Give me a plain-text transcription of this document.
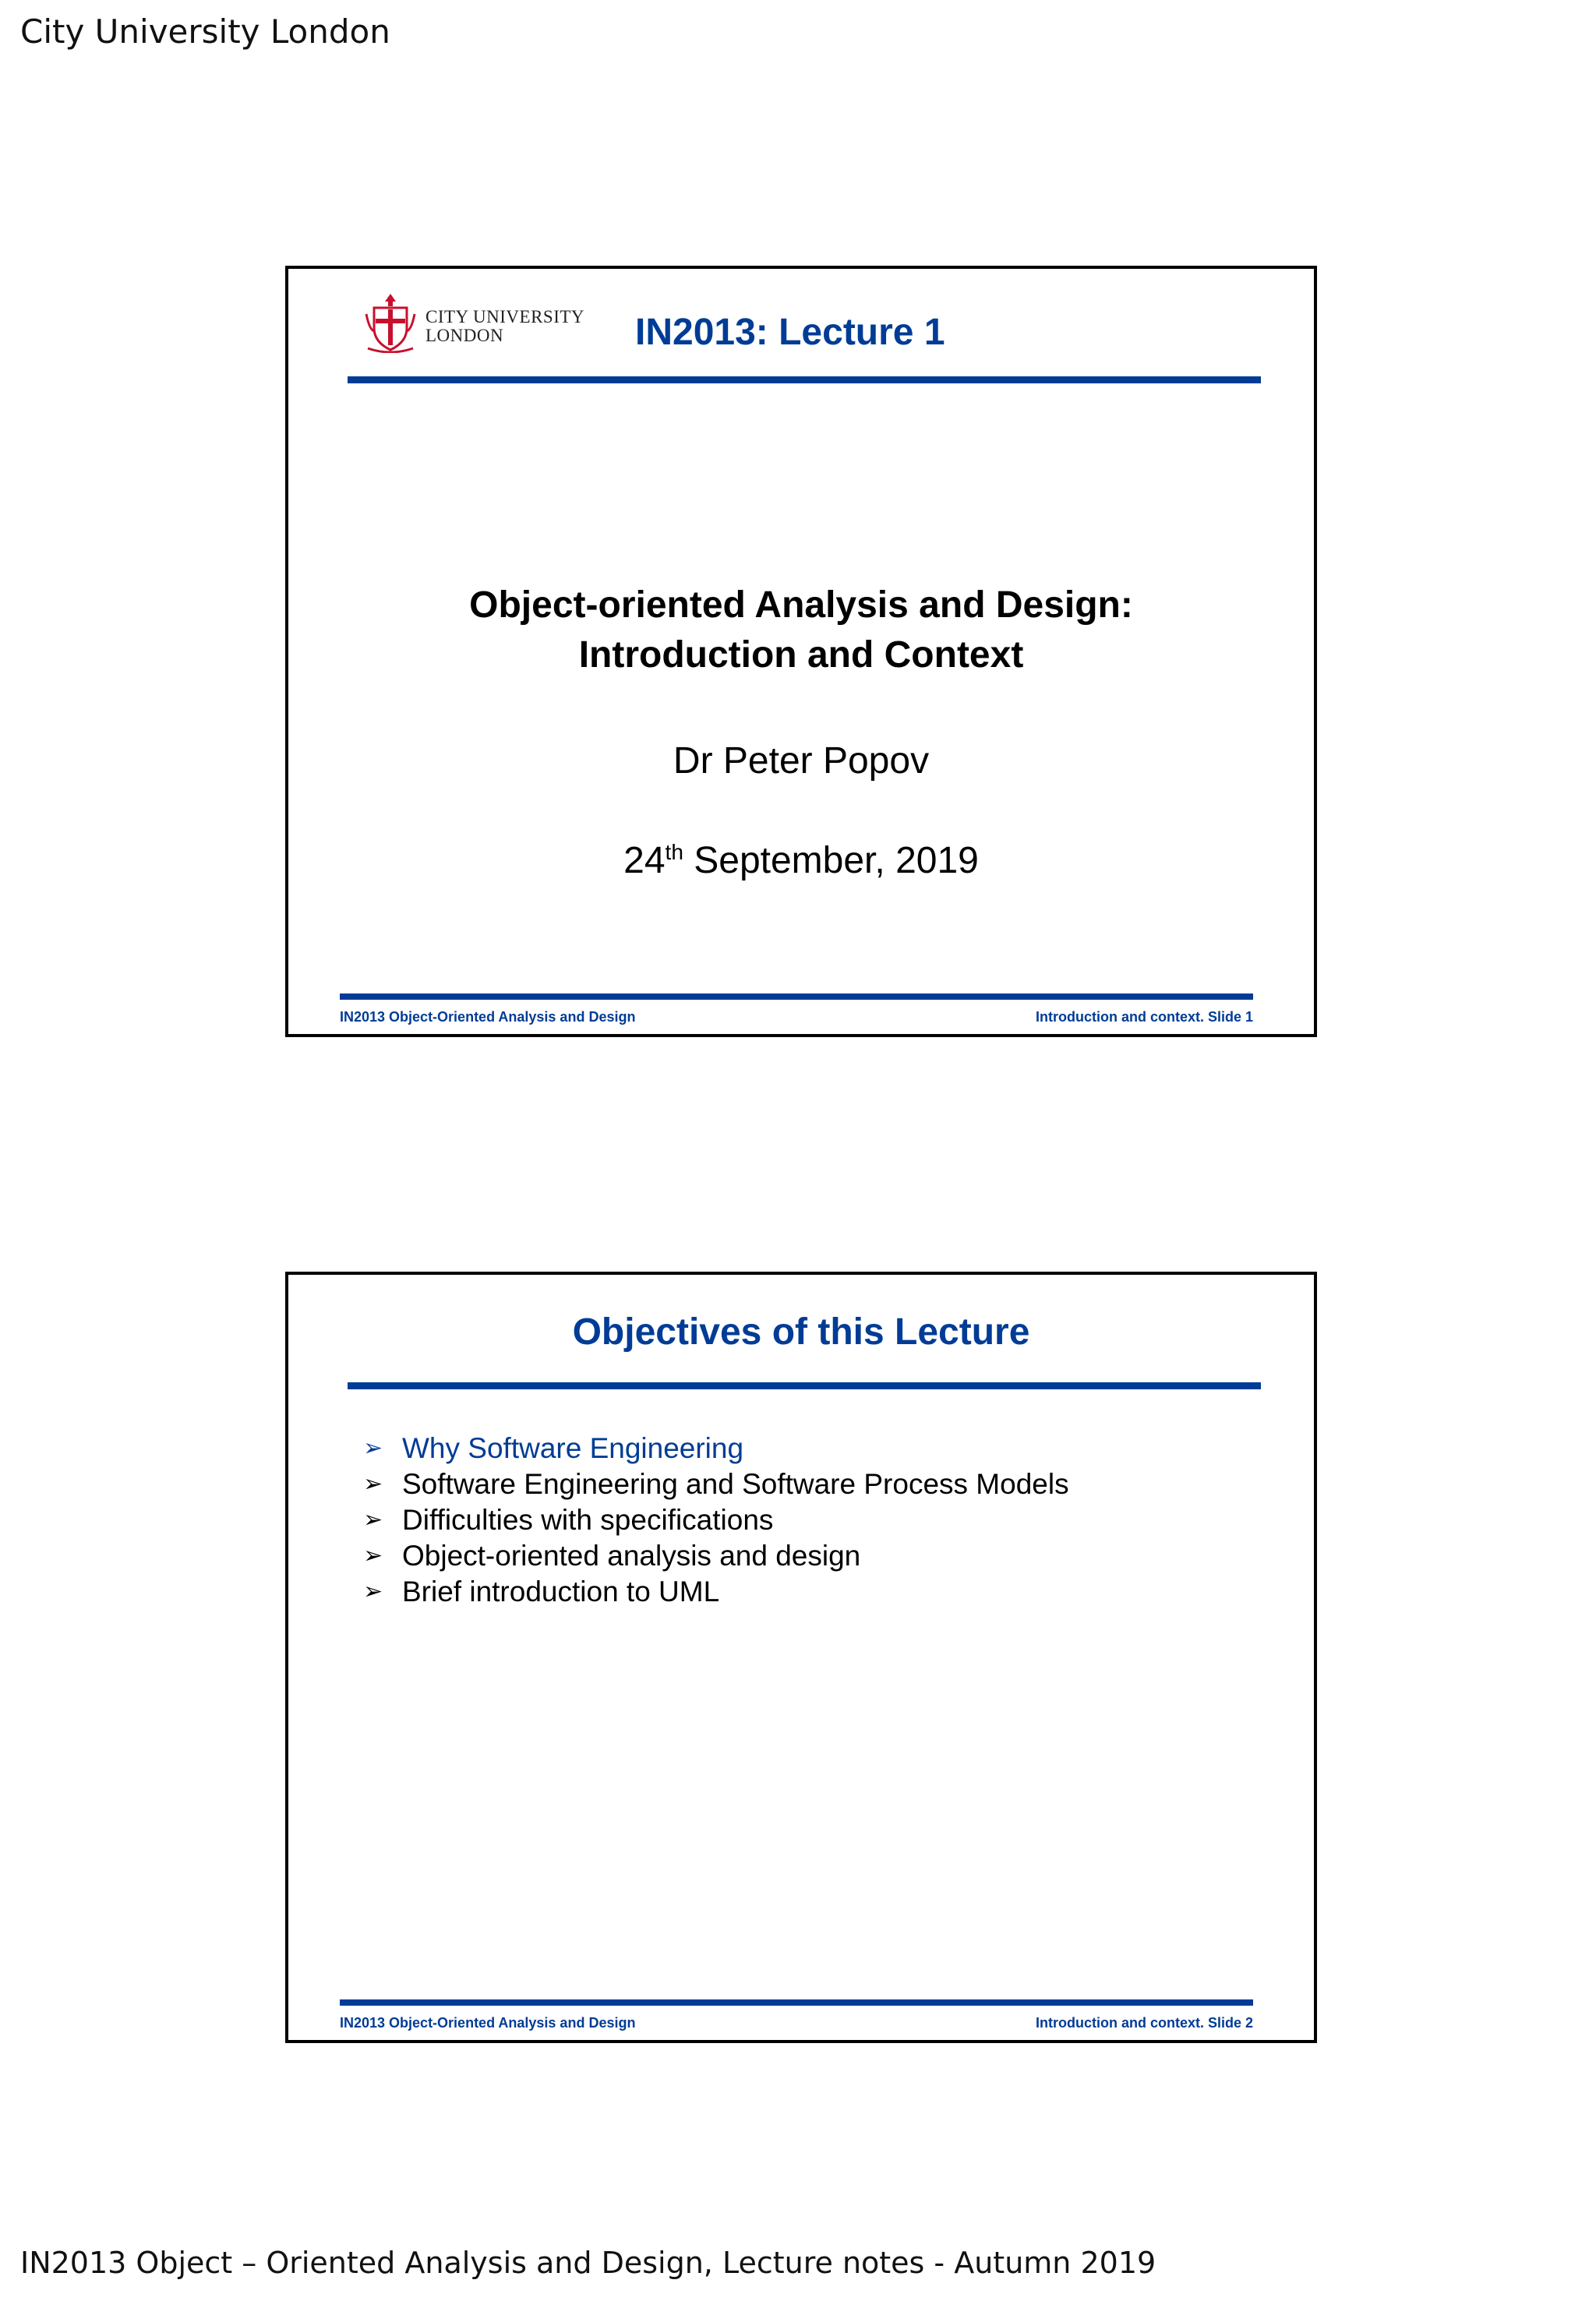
City University London
CITY UNIVERSITY
LONDON	IN2013: Lecture 1
Object-oriented Analysis and Design:
Introduction and Context
Dr Peter Popov
24th September, 2019
IN2013 Object-Oriented Analysis and Design	Introduction and context. Slide 1
Objectives of this Lecture
➢ Why Software Engineering
➢ Software Engineering and Software Process Models
➢ Difficulties with specifications
➢ Object-oriented analysis and design
➢ Brief introduction to UML
IN2013 Object-Oriented Analysis and Design	Introduction and context. Slide 2
IN2013 Object – Oriented Analysis and Design, Lecture notes - Autumn 2019
